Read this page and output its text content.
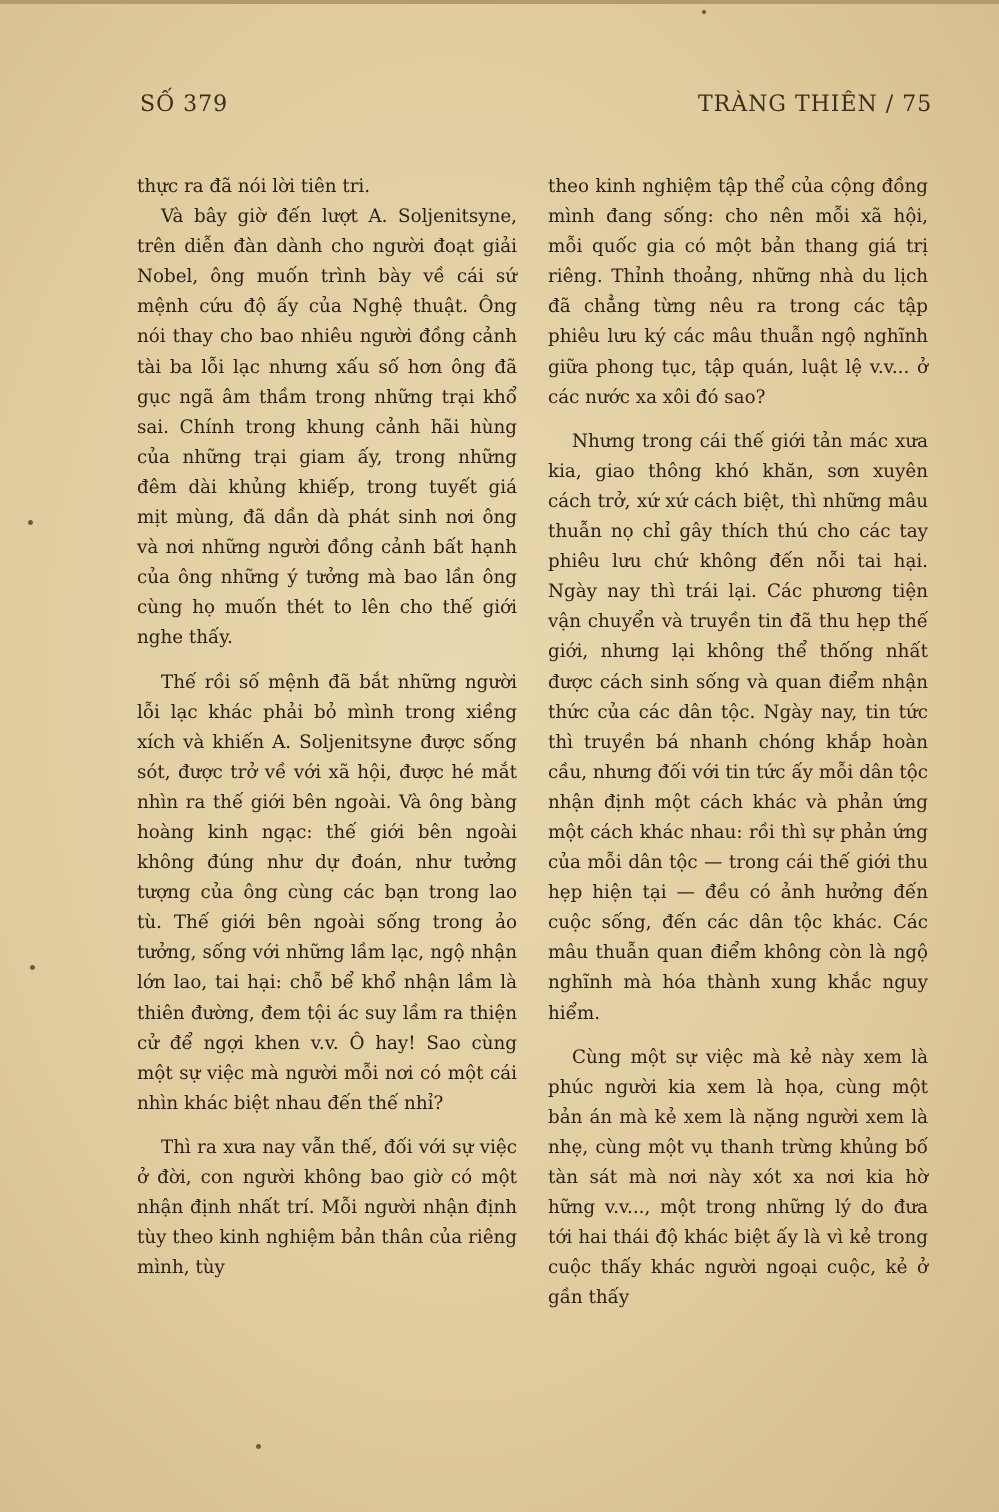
SỐ 379	TRÀNG THIÊN / 75

thực ra đã nói lời tiên tri.

Và bây giờ đến lượt A. Soljenitsyne, trên diễn đàn dành cho người đoạt giải Nobel, ông muốn trình bày về cái sứ mệnh cứu độ ấy của Nghệ thuật. Ông nói thay cho bao nhiêu người đồng cảnh tài ba lỗi lạc nhưng xấu số hơn ông đã gục ngã âm thầm trong những trại khổ sai. Chính trong khung cảnh hãi hùng của những trại giam ấy, trong những đêm dài khủng khiếp, trong tuyết giá mịt mùng, đã dần dà phát sinh nơi ông và nơi những người đồng cảnh bất hạnh của ông những ý tưởng mà bao lần ông cùng họ muốn thét to lên cho thế giới nghe thấy.

Thế rồi số mệnh đã bắt những người lỗi lạc khác phải bỏ mình trong xiềng xích và khiến A. Soljenitsyne được sống sót, được trở về với xã hội, được hé mắt nhìn ra thế giới bên ngoài. Và ông bàng hoàng kinh ngạc: thế giới bên ngoài không đúng như dự đoán, như tưởng tượng của ông cùng các bạn trong lao tù. Thế giới bên ngoài sống trong ảo tưởng, sống với những lầm lạc, ngộ nhận lớn lao, tai hại: chỗ bể khổ nhận lầm là thiên đường, đem tội ác suy lầm ra thiện cử để ngợi khen v.v. Ô hay! Sao cùng một sự việc mà người mỗi nơi có một cái nhìn khác biệt nhau đến thế nhỉ?

Thì ra xưa nay vẫn thế, đối với sự việc ở đời, con người không bao giờ có một nhận định nhất trí. Mỗi người nhận định tùy theo kinh nghiệm bản thân của riêng mình, tùy

theo kinh nghiệm tập thể của cộng đồng mình đang sống: cho nên mỗi xã hội, mỗi quốc gia có một bản thang giá trị riêng. Thỉnh thoảng, những nhà du lịch đã chẳng từng nêu ra trong các tập phiêu lưu ký các mâu thuẫn ngộ nghĩnh giữa phong tục, tập quán, luật lệ v.v... ở các nước xa xôi đó sao?

Nhưng trong cái thế giới tản mác xưa kia, giao thông khó khăn, sơn xuyên cách trở, xứ xứ cách biệt, thì những mâu thuẫn nọ chỉ gây thích thú cho các tay phiêu lưu chứ không đến nỗi tai hại. Ngày nay thì trái lại. Các phương tiện vận chuyển và truyền tin đã thu hẹp thế giới, nhưng lại không thể thống nhất được cách sinh sống và quan điểm nhận thức của các dân tộc. Ngày nay, tin tức thì truyền bá nhanh chóng khắp hoàn cầu, nhưng đối với tin tức ấy mỗi dân tộc nhận định một cách khác và phản ứng một cách khác nhau: rồi thì sự phản ứng của mỗi dân tộc — trong cái thế giới thu hẹp hiện tại — đều có ảnh hưởng đến cuộc sống, đến các dân tộc khác. Các mâu thuẫn quan điểm không còn là ngộ nghĩnh mà hóa thành xung khắc nguy hiểm.

Cùng một sự việc mà kẻ này xem là phúc người kia xem là họa, cùng một bản án mà kẻ xem là nặng người xem là nhẹ, cùng một vụ thanh trừng khủng bố tàn sát mà nơi này xót xa nơi kia hờ hững v.v..., một trong những lý do đưa tới hai thái độ khác biệt ấy là vì kẻ trong cuộc thấy khác người ngoại cuộc, kẻ ở gần thấy
